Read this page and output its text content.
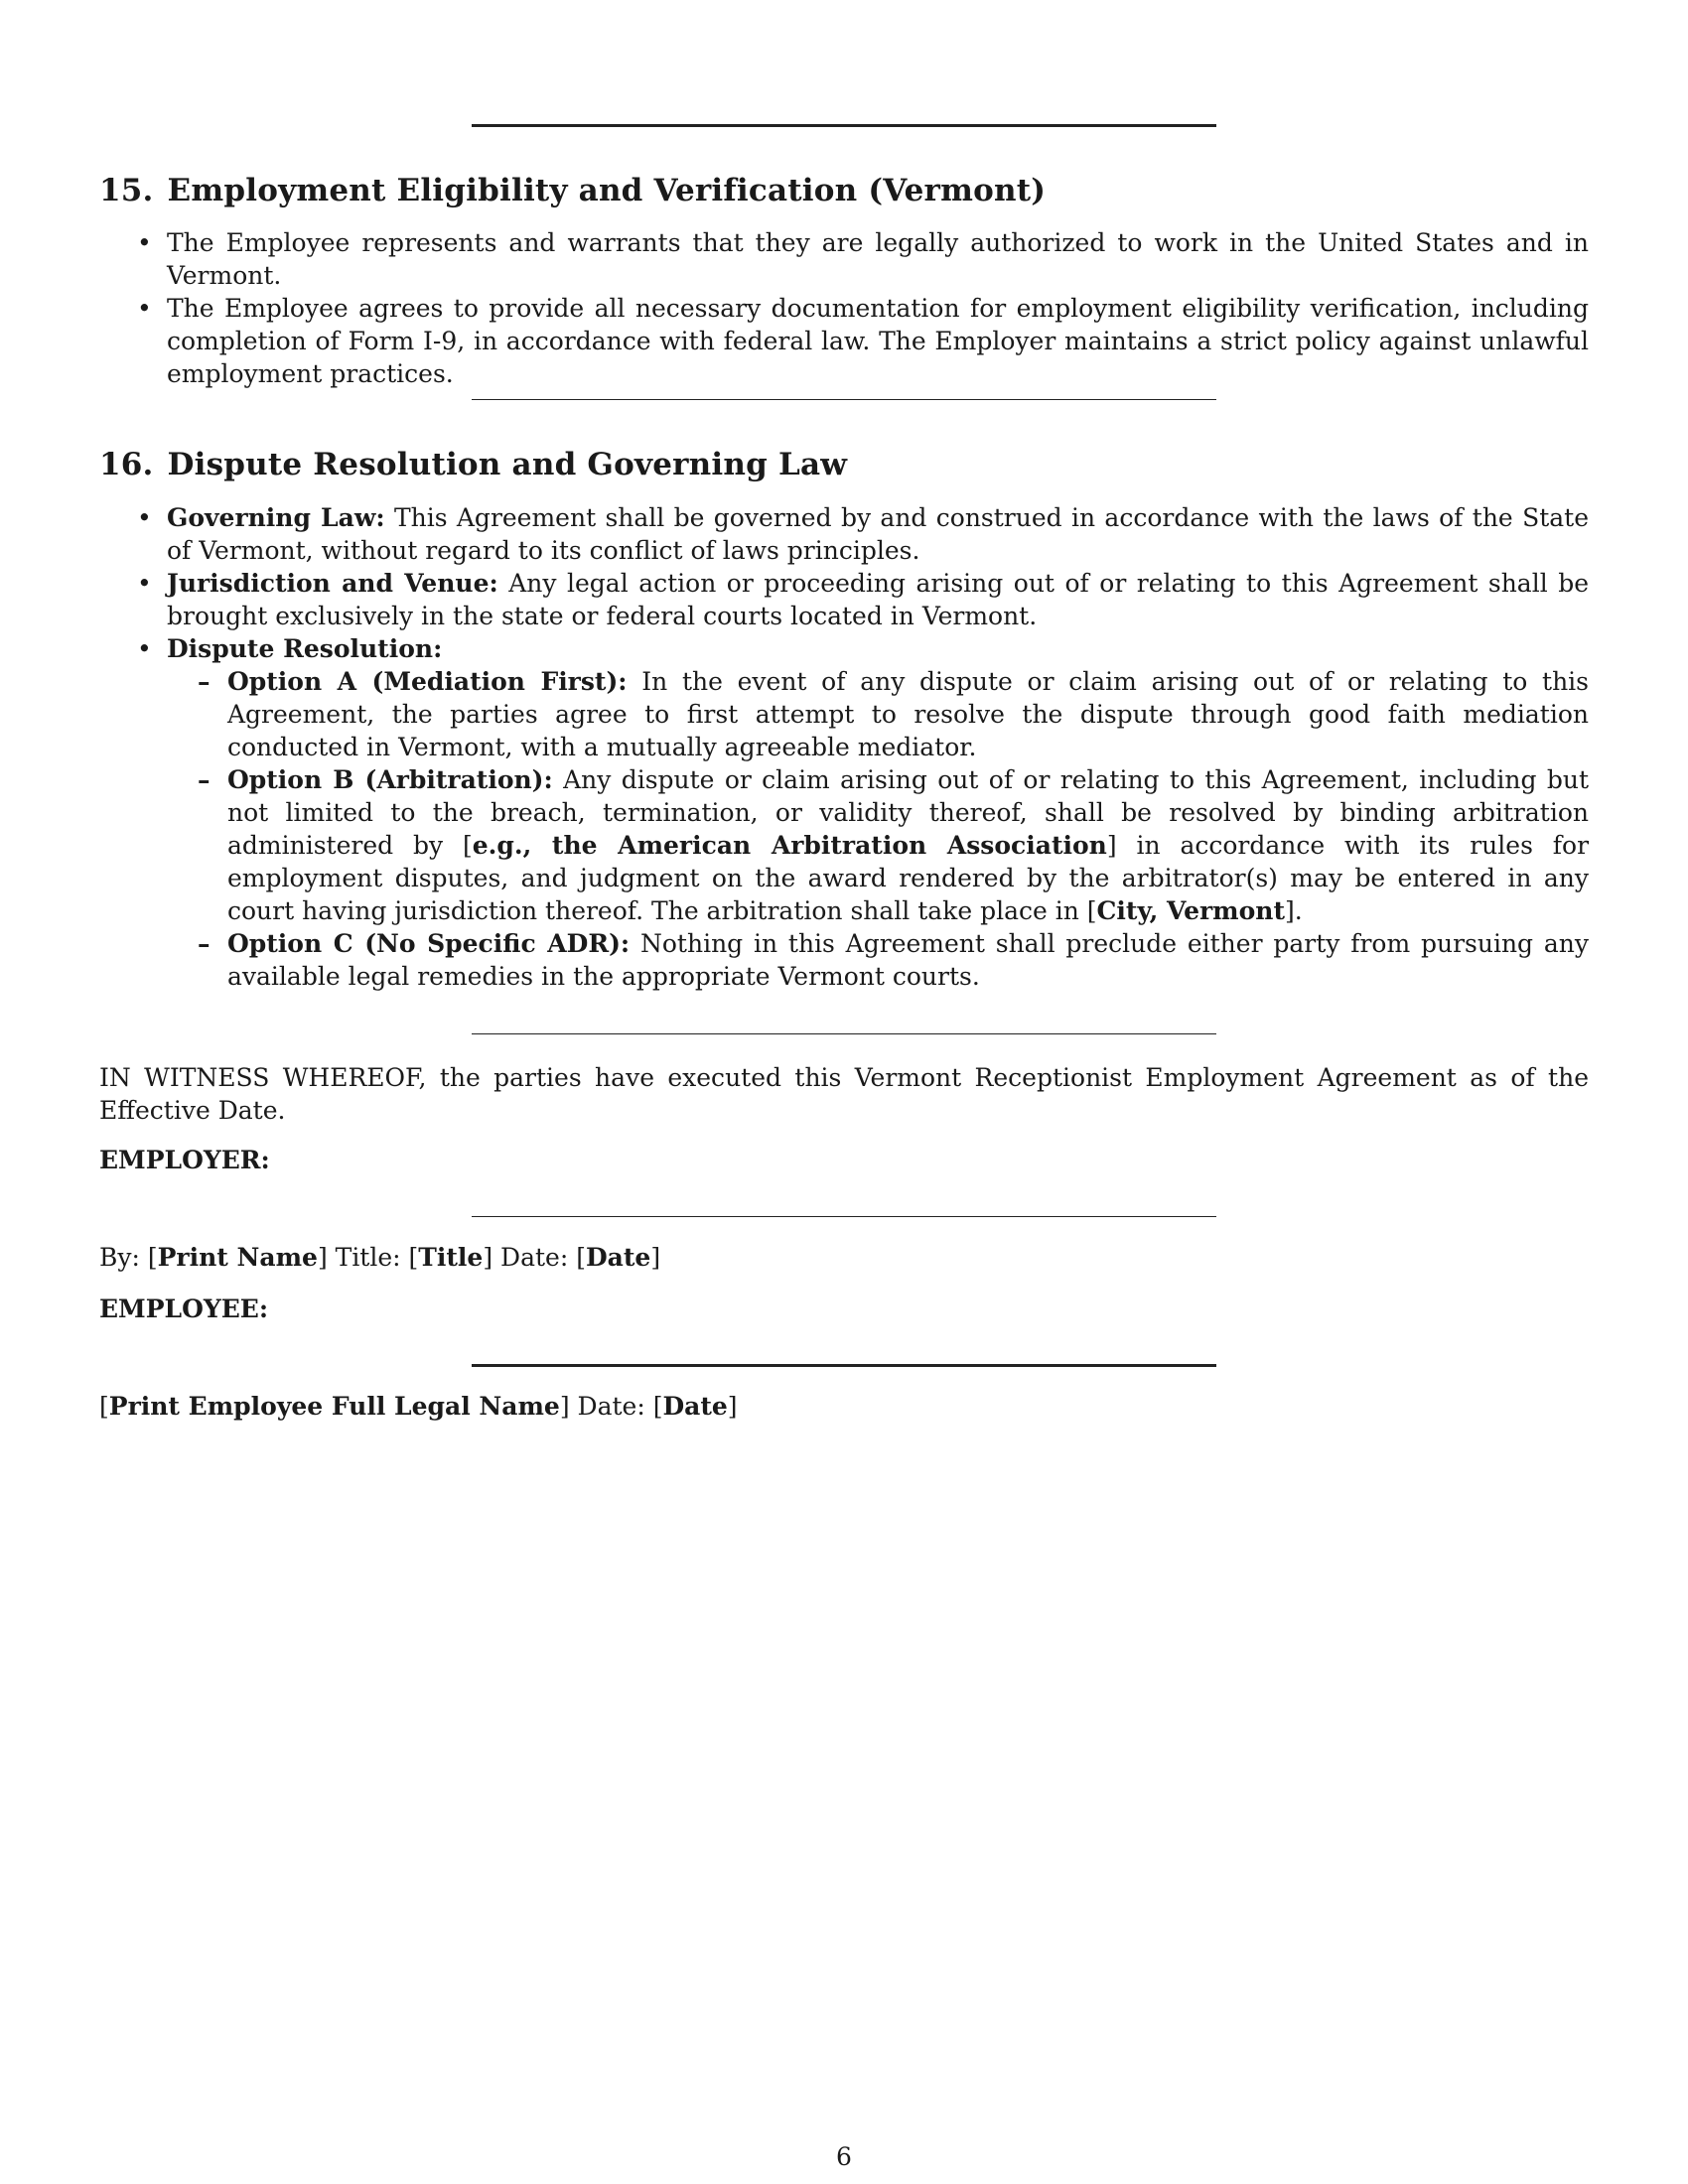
15. Employment Eligibility and Verification (Vermont)
• The Employee represents and warrants that they are legally authorized to work in the United States and in Vermont.
• The Employee agrees to provide all necessary documentation for employment eligibility verification, including completion of Form I-9, in accordance with federal law. The Employer maintains a strict policy against unlawful employment practices.
16. Dispute Resolution and Governing Law
• Governing Law: This Agreement shall be governed by and construed in accordance with the laws of the State of Vermont, without regard to its conflict of laws principles.
• Jurisdiction and Venue: Any legal action or proceeding arising out of or relating to this Agreement shall be brought exclusively in the state or federal courts located in Vermont.
• Dispute Resolution:
– Option A (Mediation First): In the event of any dispute or claim arising out of or relating to this Agreement, the parties agree to first attempt to resolve the dispute through good faith mediation conducted in Vermont, with a mutually agreeable mediator.
– Option B (Arbitration): Any dispute or claim arising out of or relating to this Agreement, including but not limited to the breach, termination, or validity thereof, shall be resolved by binding arbitration administered by [e.g., the American Arbitration Association] in accordance with its rules for employment disputes, and judgment on the award rendered by the arbitrator(s) may be entered in any court having jurisdiction thereof. The arbitration shall take place in [City, Vermont].
– Option C (No Specific ADR): Nothing in this Agreement shall preclude either party from pursuing any available legal remedies in the appropriate Vermont courts.

IN WITNESS WHEREOF, the parties have executed this Vermont Receptionist Employment Agreement as of the Effective Date.

EMPLOYER:

By: [Print Name] Title: [Title] Date: [Date]

EMPLOYEE:

[Print Employee Full Legal Name] Date: [Date]

6
